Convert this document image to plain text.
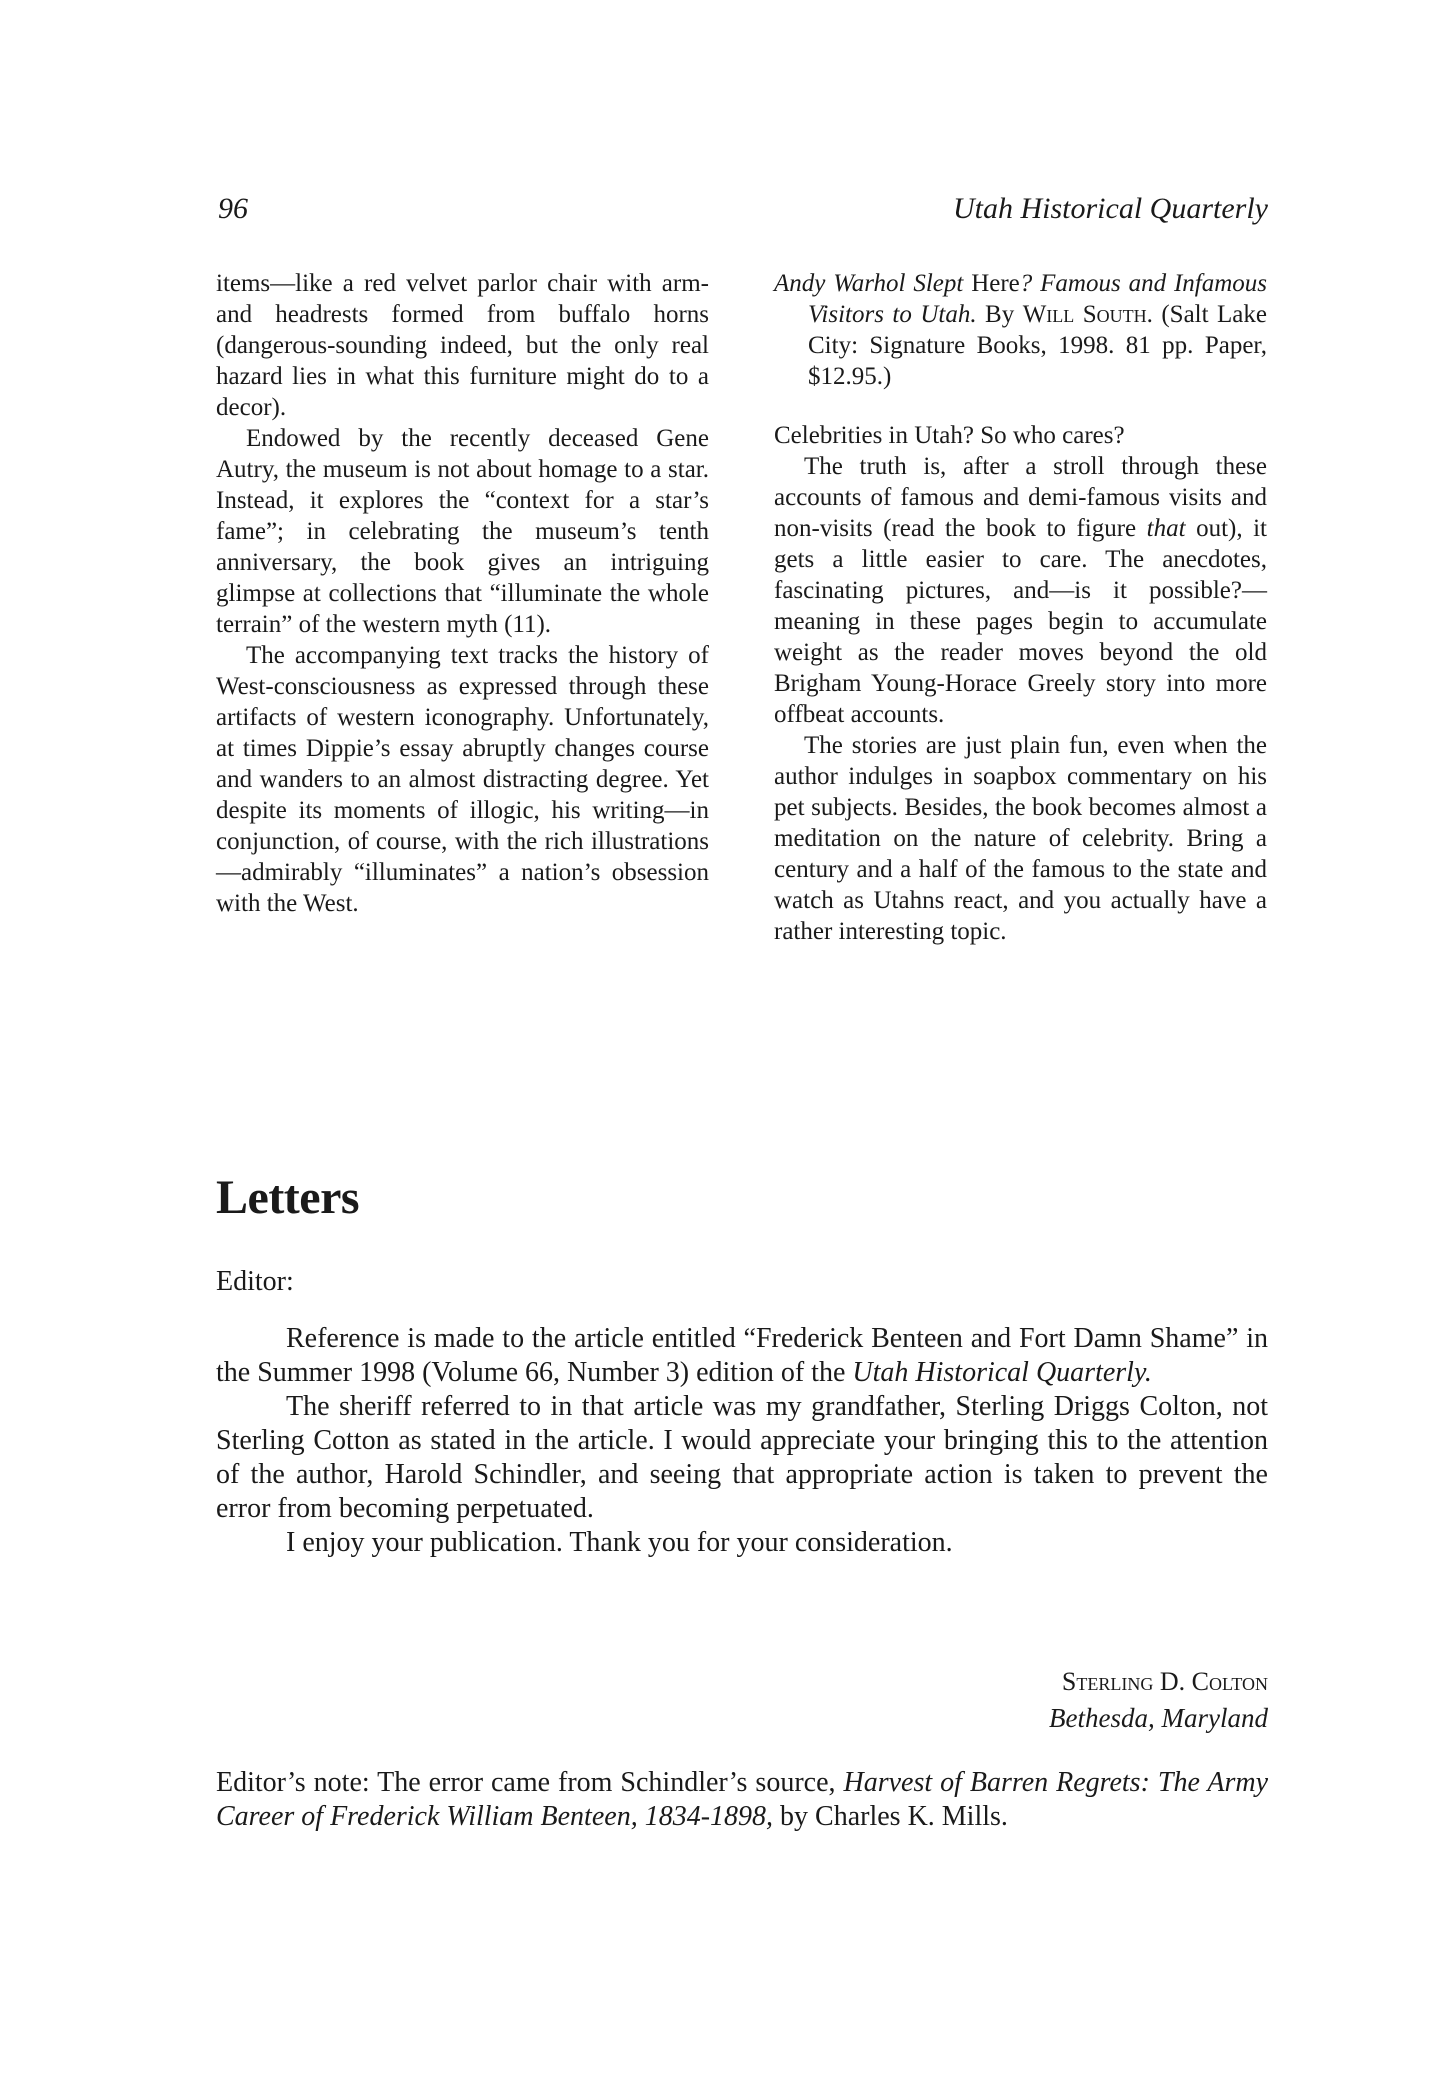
96	Utah Historical Quarterly

items—like a red velvet parlor chair with arm- and headrests formed from buffalo horns (dangerous-sounding indeed, but the only real hazard lies in what this furniture might do to a decor).

Endowed by the recently deceased Gene Autry, the museum is not about homage to a star. Instead, it explores the “context for a star’s fame”; in celebrating the museum’s tenth anniversary, the book gives an intriguing glimpse at collections that “illuminate the whole terrain” of the western myth (11).

The accompanying text tracks the history of West-consciousness as expressed through these artifacts of western iconography. Unfortunately, at times Dippie’s essay abruptly changes course and wanders to an almost distracting degree. Yet despite its moments of illogic, his writing—in conjunction, of course, with the rich illustrations—admirably “illuminates” a nation’s obsession with the West.

Andy Warhol Slept Here? Famous and Infamous Visitors to Utah. By Will South. (Salt Lake City: Signature Books, 1998. 81 pp. Paper, $12.95.)

Celebrities in Utah? So who cares?

The truth is, after a stroll through these accounts of famous and demi-famous visits and non-visits (read the book to figure that out), it gets a little easier to care. The anecdotes, fascinating pictures, and—is it possible?—meaning in these pages begin to accumulate weight as the reader moves beyond the old Brigham Young-Horace Greely story into more offbeat accounts.

The stories are just plain fun, even when the author indulges in soapbox commentary on his pet subjects. Besides, the book becomes almost a meditation on the nature of celebrity. Bring a century and a half of the famous to the state and watch as Utahns react, and you actually have a rather interesting topic.

Letters
Editor:

Reference is made to the article entitled “Frederick Benteen and Fort Damn Shame” in the Summer 1998 (Volume 66, Number 3) edition of the Utah Historical Quarterly.

The sheriff referred to in that article was my grandfather, Sterling Driggs Colton, not Sterling Cotton as stated in the article. I would appreciate your bringing this to the attention of the author, Harold Schindler, and seeing that appropriate action is taken to prevent the error from becoming perpetuated.

I enjoy your publication. Thank you for your consideration.

Sterling D. Colton
Bethesda, Maryland
Editor’s note: The error came from Schindler’s source, Harvest of Barren Regrets: The Army Career of Frederick William Benteen, 1834-1898, by Charles K. Mills.
